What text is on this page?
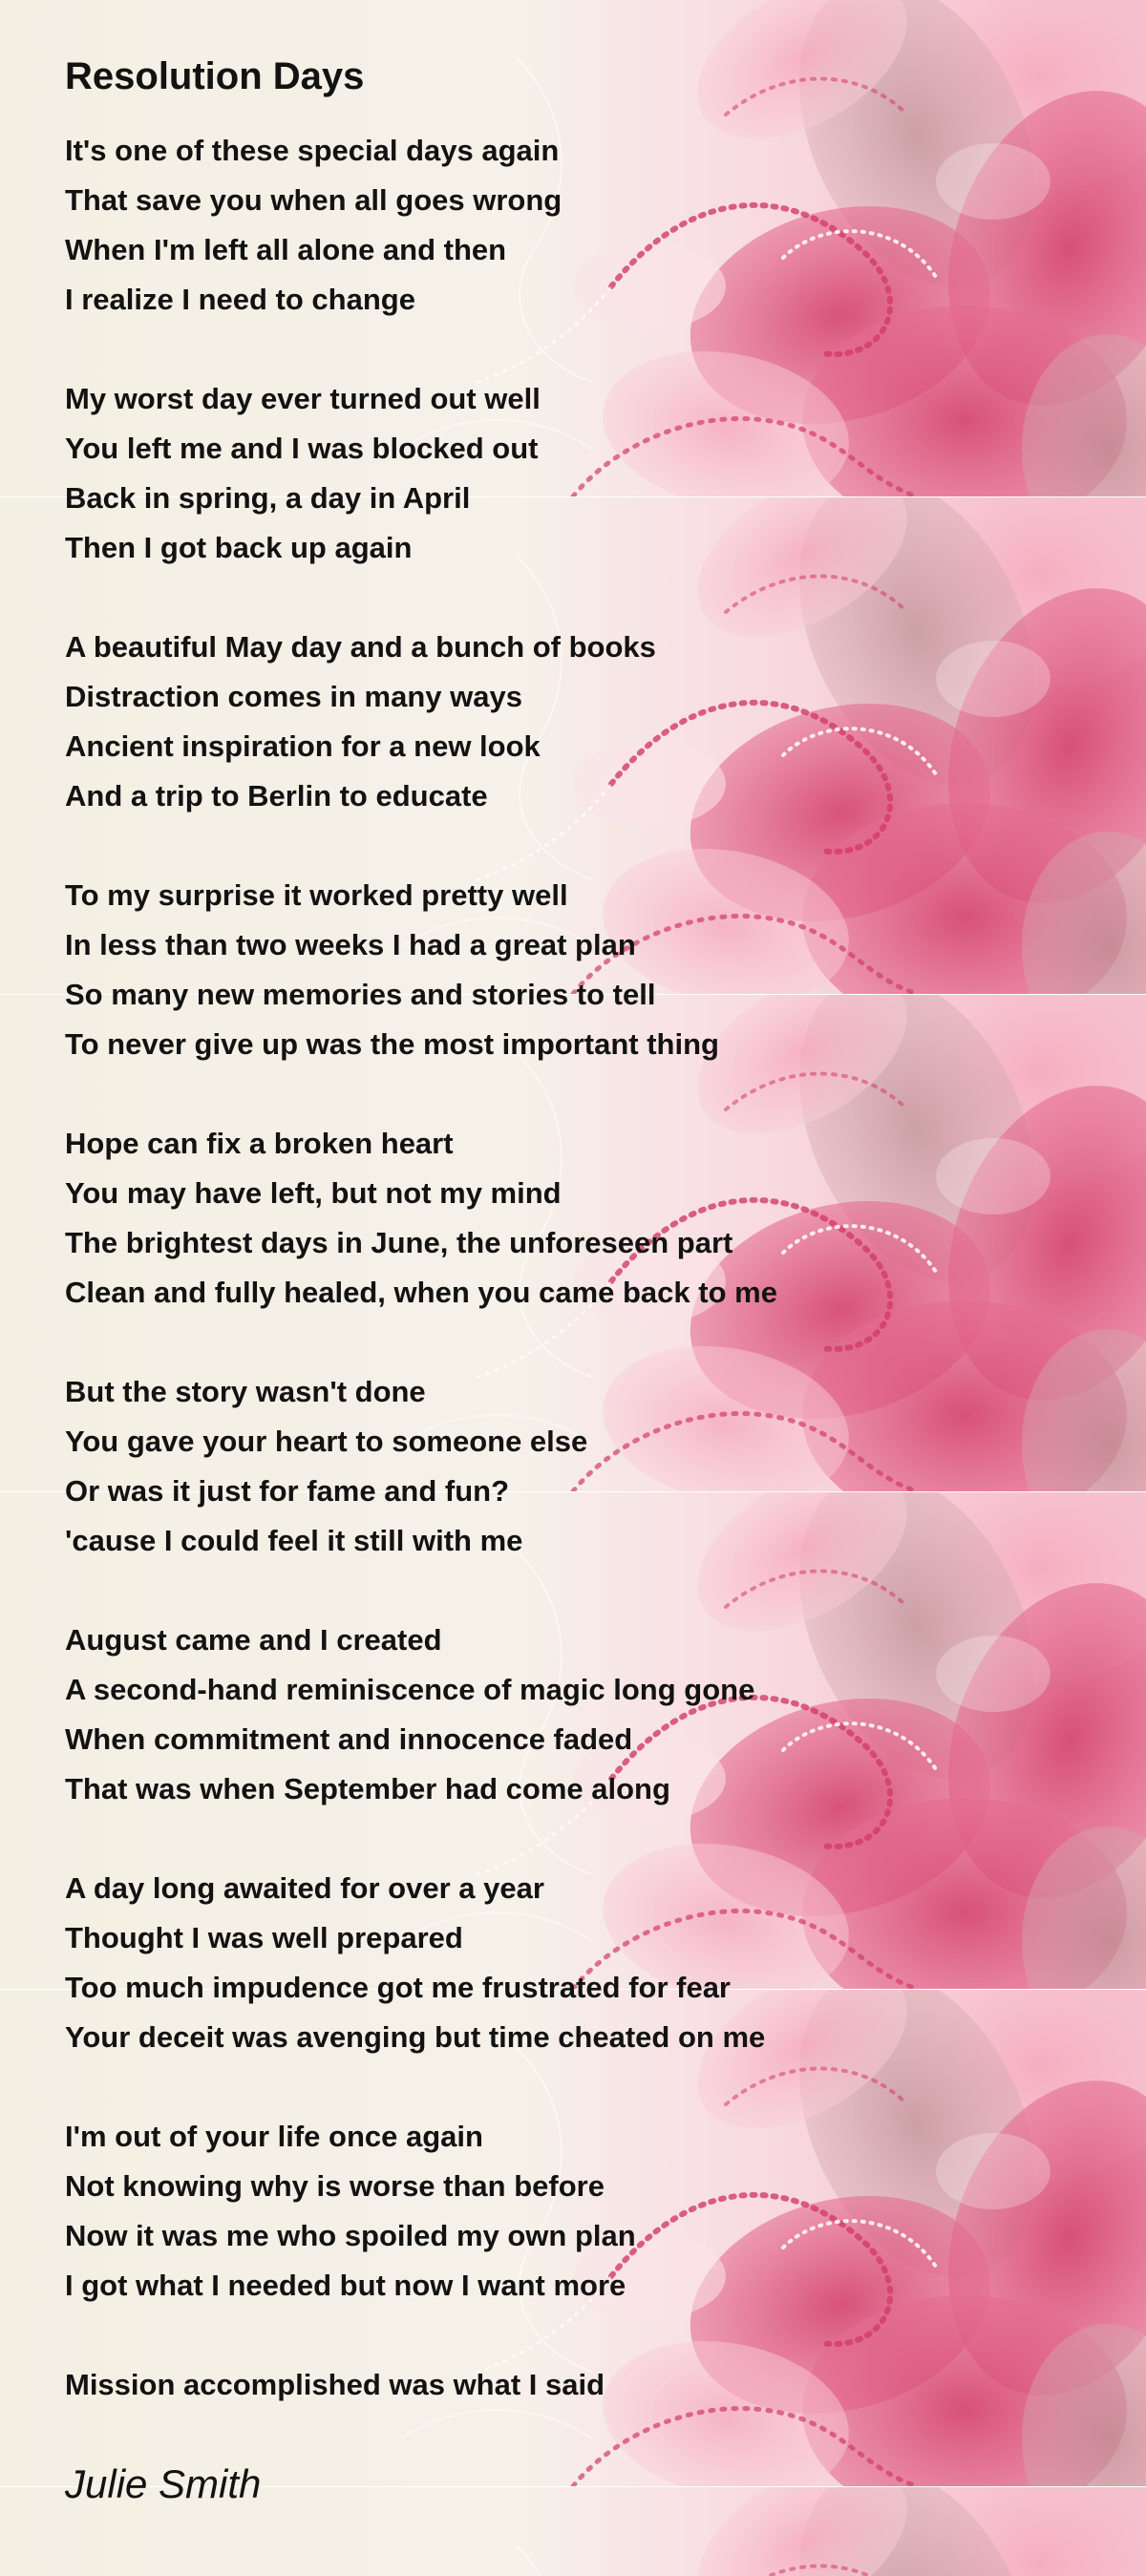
Resolution Days
It's one of these special days again
That save you when all goes wrong
When I'm left all alone and then
I realize I need to change
My worst day ever turned out well
You left me and I was blocked out
Back in spring, a day in April
Then I got back up again
A beautiful May day and a bunch of books
Distraction comes in many ways
Ancient inspiration for a new look
And a trip to Berlin to educate
To my surprise it worked pretty well
In less than two weeks I had a great plan
So many new memories and stories to tell
To never give up was the most important thing
Hope can fix a broken heart
You may have left, but not my mind
The brightest days in June, the unforeseen part
Clean and fully healed, when you came back to me
But the story wasn't done
You gave your heart to someone else
Or was it just for fame and fun?
'cause I could feel it still with me
August came and I created
A second-hand reminiscence of magic long gone
When commitment and innocence faded
That was when September had come along
A day long awaited for over a year
Thought I was well prepared
Too much impudence got me frustrated for fear
Your deceit was avenging but time cheated on me
I'm out of your life once again
Not knowing why is worse than before
Now it was me who spoiled my own plan
I got what I needed but now I want more
Mission accomplished was what I said
Julie Smith
